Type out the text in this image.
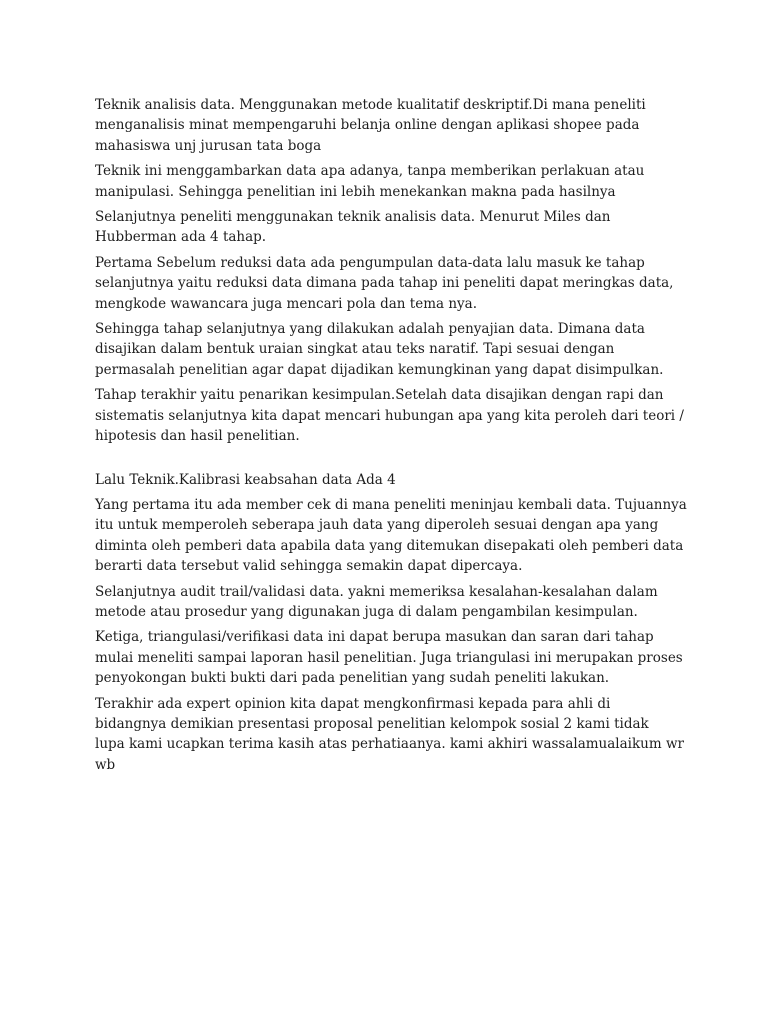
Teknik analisis data. Menggunakan metode kualitatif deskriptif.Di mana peneliti
menganalisis minat mempengaruhi belanja online dengan aplikasi shopee pada
mahasiswa unj jurusan tata boga

Teknik ini menggambarkan data apa adanya, tanpa memberikan perlakuan atau
manipulasi. Sehingga penelitian ini lebih menekankan makna pada hasilnya

Selanjutnya peneliti menggunakan teknik analisis data. Menurut Miles dan
Hubberman ada 4 tahap.

Pertama Sebelum reduksi data ada pengumpulan data-data lalu masuk ke tahap
selanjutnya yaitu reduksi data dimana pada tahap ini peneliti dapat meringkas data,
mengkode wawancara juga mencari pola dan tema nya.

Sehingga tahap selanjutnya yang dilakukan adalah penyajian data. Dimana data
disajikan dalam bentuk uraian singkat atau teks naratif. Tapi sesuai dengan
permasalah penelitian agar dapat dijadikan kemungkinan yang dapat disimpulkan.

Tahap terakhir yaitu penarikan kesimpulan.Setelah data disajikan dengan rapi dan
sistematis selanjutnya kita dapat mencari hubungan apa yang kita peroleh dari teori /
hipotesis dan hasil penelitian.

Lalu Teknik.Kalibrasi keabsahan data Ada 4

Yang pertama itu ada member cek di mana peneliti meninjau kembali data. Tujuannya
itu untuk memperoleh seberapa jauh data yang diperoleh sesuai dengan apa yang
diminta oleh pemberi data apabila data yang ditemukan disepakati oleh pemberi data
berarti data tersebut valid sehingga semakin dapat dipercaya.

Selanjutnya audit trail/validasi data. yakni memeriksa kesalahan-kesalahan dalam
metode atau prosedur yang digunakan juga di dalam pengambilan kesimpulan.

Ketiga, triangulasi/verifikasi data ini dapat berupa masukan dan saran dari tahap
mulai meneliti sampai laporan hasil penelitian. Juga triangulasi ini merupakan proses
penyokongan bukti bukti dari pada penelitian yang sudah peneliti lakukan.

Terakhir ada expert opinion kita dapat mengkonfirmasi kepada para ahli di
bidangnya demikian presentasi proposal penelitian kelompok sosial 2 kami tidak
lupa kami ucapkan terima kasih atas perhatiaanya. kami akhiri wassalamualaikum wr
wb
